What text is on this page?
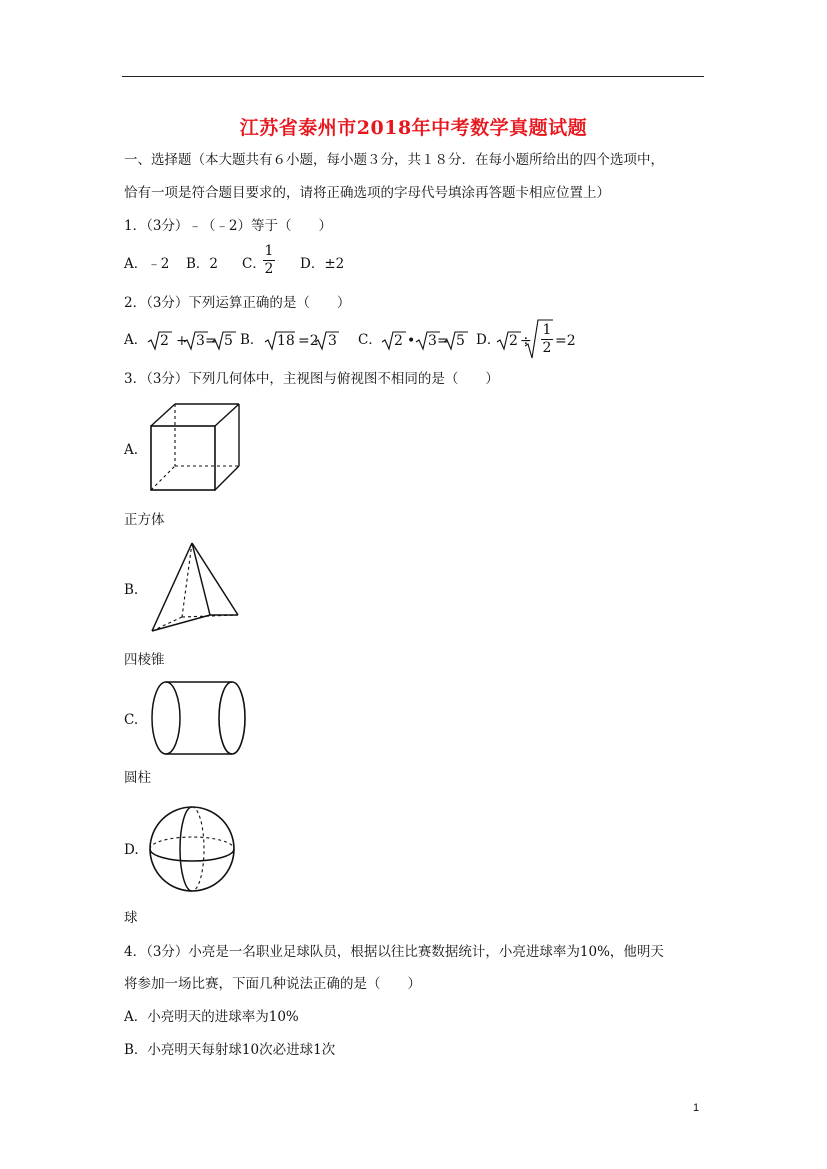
江苏省泰州市2018年中考数学真题试题
一、选择题（本大题共有６小题，每小题３分，共１８分．在每小题所给出的四个选项中，
恰有一项是符合题目要求的，请将正确选项的字母代号填涂再答题卡相应位置上）
1．（3分）﹣（﹣2）等于（　　）
A．﹣2 B．2 C．
1
2 D．±2
2．（3分）下列运算正确的是（　　）
A． 2 + 3 = 5 B． 18 =2 3 C． 2 • 3 = 5 D． 2 ÷
1
2 =2
3．（3分）下列几何体中，主视图与俯视图不相同的是（　　）
A.
正方体
B.
四棱锥
C.
圆柱
D.
球
4．（3分）小亮是一名职业足球队员，根据以往比赛数据统计，小亮进球率为10%，他明天
将参加一场比赛，下面几种说法正确的是（　　）
A．小亮明天的进球率为10%
B．小亮明天每射球10次必进球1次
1
